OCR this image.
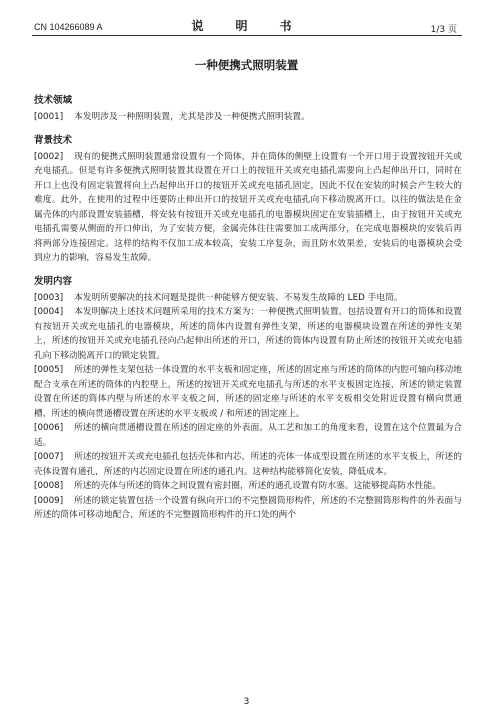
CN 104266089 A	说　明　书	1/3 页
一种便携式照明装置

技术领域

[0001] 本发明涉及一种照明装置，尤其是涉及一种便携式照明装置。

背景技术

[0002] 现有的便携式照明装置通常设置有一个筒体，并在筒体的侧壁上设置有一个开口用于设置按钮开关或充电插孔。但是有许多便携式照明装置其设置在开口上的按钮开关或充电插孔需要向上凸起伸出开口，同时在开口上也没有固定装置将向上凸起伸出开口的按钮开关或充电插孔固定，因此不仅在安装的时候会产生较大的难度。此外，在使用的过程中还要防止伸出开口的按钮开关或充电插孔向下移动脱离开口。以往的做法是在金属壳体的内部设置安装插槽，将安装有按钮开关或充电插孔的电器模块固定在安装插槽上，由于按钮开关或充电插孔需要从侧面的开口伸出，为了安装方便，金属壳体往往需要加工成两部分，在完成电器模块的安装后再将两部分连接固定。这样的结构不仅加工成本较高，安装工序复杂，而且防水效果差，安装后的电器模块会受到应力的影响，容易发生故障。

发明内容

[0003] 本发明所要解决的技术问题是提供一种能够方便安装、不易发生故障的 LED 手电筒。

[0004] 本发明解决上述技术问题所采用的技术方案为：一种便携式照明装置，包括设置有开口的筒体和设置有按钮开关或充电插孔的电器模块，所述的筒体内设置有弹性支架，所述的电器模块设置在所述的弹性支架上，所述的按钮开关或充电插孔径向凸起伸出所述的开口，所述的筒体内设置有防止所述的按钮开关或充电插孔向下移动脱离开口的锁定装置。

[0005] 所述的弹性支架包括一体设置的水平支板和固定座，所述的固定座与所述的筒体的内腔可轴向移动地配合支承在所述的筒体的内腔壁上，所述的按钮开关或充电插孔与所述的水平支板固定连接，所述的锁定装置设置在所述的筒体内壁与所述的水平支板之间，所述的固定座与所述的水平支板相交处附近设置有横向贯通槽，所述的横向贯通槽设置在所述的水平支板或 / 和所述的固定座上。

[0006] 所述的横向贯通槽设置在所述的固定座的外表面。从工艺和加工的角度来看，设置在这个位置最为合适。

[0007] 所述的按钮开关或充电插孔包括壳体和内芯，所述的壳体一体成型设置在所述的水平支板上，所述的壳体设置有通孔，所述的内芯固定设置在所述的通孔内。这种结构能够简化安装，降低成本。

[0008] 所述的壳体与所述的筒体之间设置有密封圈，所述的通孔设置有防水塞。这能够提高防水性能。

[0009] 所述的锁定装置包括一个设置有纵向开口的不完整圆筒形构件，所述的不完整圆筒形构件的外表面与所述的筒体可移动地配合，所述的不完整圆筒形构件的开口处的两个

3
